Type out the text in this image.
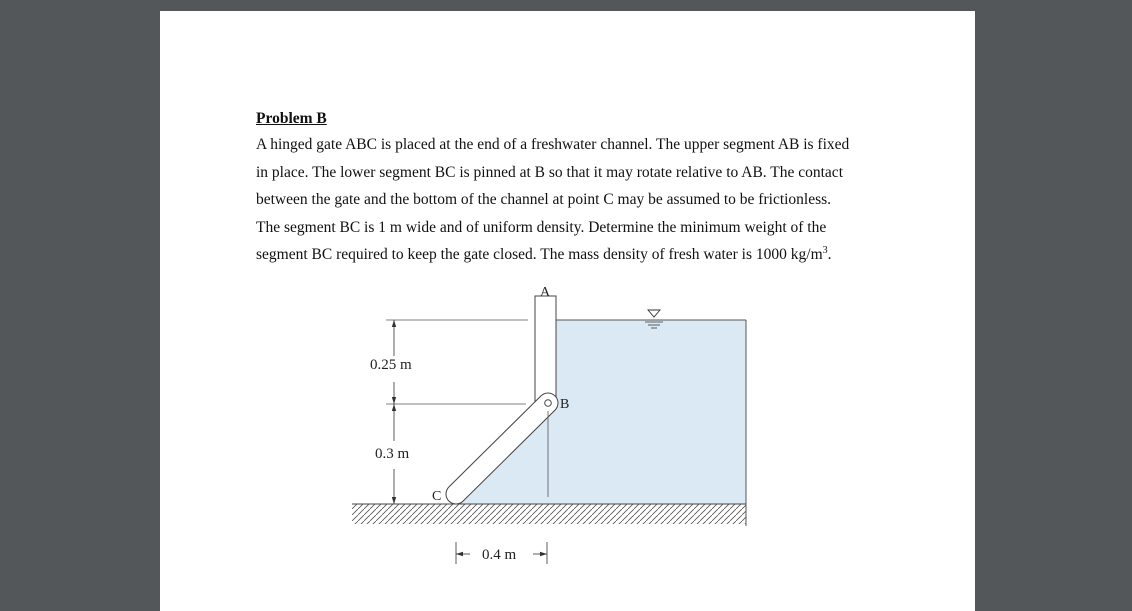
Problem B
A hinged gate ABC is placed at the end of a freshwater channel. The upper segment AB is fixed
in place. The lower segment BC is pinned at B so that it may rotate relative to AB. The contact
between the gate and the bottom of the channel at point C may be assumed to be frictionless.
The segment BC is 1 m wide and of uniform density. Determine the minimum weight of the
segment BC required to keep the gate closed. The mass density of fresh water is 1000 $kg/m^3$.
A
B
C
0.25 m
0.3 m
0.4 m
